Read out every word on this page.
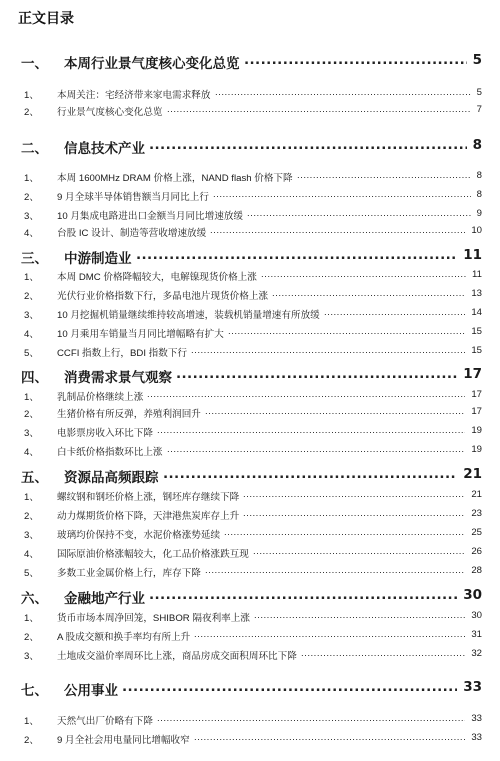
正文目录
一、 本周行业景气度核心变化总览 .....	5
1、 本周关注：宅经济带来家电需求释放 .....	5
2、 行业景气度核心变化总览 .....	7
二、 信息技术产业 .....	8
1、 本周 1600MHz DRAM 价格上涨，NAND flash 价格下降 .....	8
2、 9 月全球半导体销售额当月同比上行 .....	8
3、 10 月集成电路进出口金额当月同比增速放缓 .....	9
4、 台股 IC 设计、制造等营收增速放缓 .....	10
三、 中游制造业 .....	11
1、 本周 DMC 价格降幅较大，电解镍现货价格上涨 .....	11
2、 光伏行业价格指数下行，多晶电池片现货价格上涨 .....	13
3、 10 月挖掘机销量继续维持较高增速，装载机销量增速有所放缓 .....	14
4、 10 月乘用车销量当月同比增幅略有扩大 .....	15
5、 CCFI 指数上行，BDI 指数下行 .....	15
四、 消费需求景气观察 .....	17
1、 乳制品价格继续上涨 .....	17
2、 生猪价格有所反弹，养殖利润回升 .....	17
3、 电影票房收入环比下降 .....	19
4、 白卡纸价格指数环比上涨 .....	19
五、 资源品高频跟踪 .....	21
1、 螺纹钢和钢坯价格上涨，钢坯库存继续下降 .....	21
2、 动力煤期货价格下降，天津港焦炭库存上升 .....	23
3、 玻璃均价保持不变，水泥价格涨势延续 .....	25
4、 国际原油价格涨幅较大，化工品价格涨跌互现 .....	26
5、 多数工业金属价格上行，库存下降 .....	28
六、 金融地产行业 .....	30
1、 货币市场本周净回笼，SHIBOR 隔夜利率上涨 .....	30
2、 A 股成交额和换手率均有所上升 .....	31
3、 土地成交溢价率周环比上涨，商品房成交面积周环比下降 .....	32
七、 公用事业 .....	33
1、 天然气出厂价略有下降 .....	33
2、 9 月全社会用电量同比增幅收窄 .....	33
